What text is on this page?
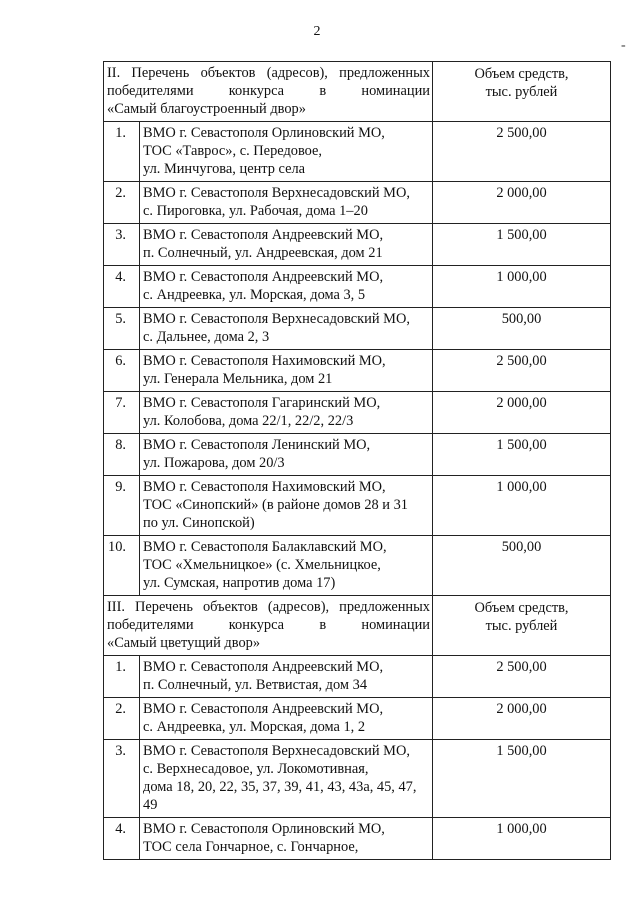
2
-
II. Перечень объектов (адресов), предложенных
победителями конкурса в номинации
«Самый благоустроенный двор»		Объем средств,
тыс. рублей

1.	ВМО г. Севастополя Орлиновский МО,
ТОС «Таврос», с. Передовое,
ул. Минчугова, центр села	2 500,00
2.	ВМО г. Севастополя Верхнесадовский МО,
с. Пироговка, ул. Рабочая, дома 1–20	2 000,00
3.	ВМО г. Севастополя Андреевский МО,
п. Солнечный, ул. Андреевская, дом 21	1 500,00
4.	ВМО г. Севастополя Андреевский МО,
с. Андреевка, ул. Морская, дома 3, 5	1 000,00
5.	ВМО г. Севастополя Верхнесадовский МО,
с. Дальнее, дома 2, 3	500,00
6.	ВМО г. Севастополя Нахимовский МО,
ул. Генерала Мельника, дом 21	2 500,00
7.	ВМО г. Севастополя Гагаринский МО,
ул. Колобова, дома 22/1, 22/2, 22/3	2 000,00
8.	ВМО г. Севастополя Ленинский МО,
ул. Пожарова, дом 20/3	1 500,00
9.	ВМО г. Севастополя Нахимовский МО,
ТОС «Синопский» (в районе домов 28 и 31
по ул. Синопской)	1 000,00
10.	ВМО г. Севастополя Балаклавский МО,
ТОС «Хмельницкое» (с. Хмельницкое,
ул. Сумская, напротив дома 17)	500,00

III. Перечень объектов (адресов), предложенных
победителями конкурса в номинации
«Самый цветущий двор»		Объем средств,
тыс. рублей

1.	ВМО г. Севастополя Андреевский МО,
п. Солнечный, ул. Ветвистая, дом 34	2 500,00
2.	ВМО г. Севастополя Андреевский МО,
с. Андреевка, ул. Морская, дома 1, 2	2 000,00
3.	ВМО г. Севастополя Верхнесадовский МО,
с. Верхнесадовое, ул. Локомотивная,
дома 18, 20, 22, 35, 37, 39, 41, 43, 43а, 45, 47,
49	1 500,00
4.	ВМО г. Севастополя Орлиновский МО,
ТОС села Гончарное, с. Гончарное,	1 000,00
